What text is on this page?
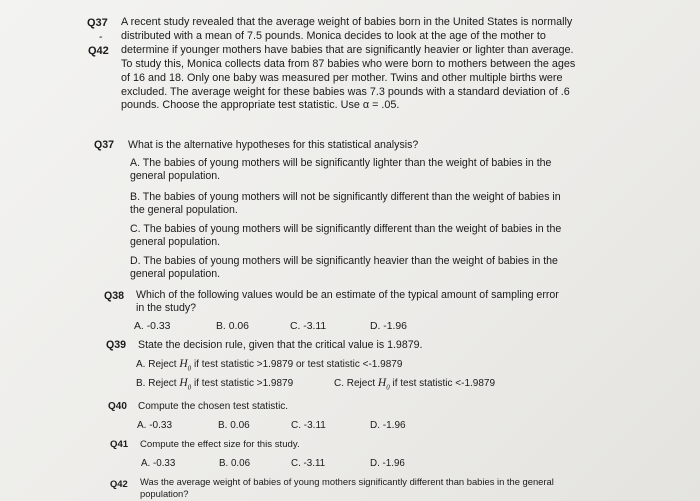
Q37
-
Q42
A recent study revealed that the average weight of babies born in the United States is normally distributed with a mean of 7.5 pounds. Monica decides to look at the age of the mother to determine if younger mothers have babies that are significantly heavier or lighter than average. To study this, Monica collects data from 87 babies who were born to mothers between the ages of 16 and 18. Only one baby was measured per mother. Twins and other multiple births were excluded. The average weight for these babies was 7.3 pounds with a standard deviation of .6 pounds. Choose the appropriate test statistic. Use α = .05.
Q37 What is the alternative hypotheses for this statistical analysis?
A. The babies of young mothers will be significantly lighter than the weight of babies in the general population.
B. The babies of young mothers will not be significantly different than the weight of babies in the general population.
C. The babies of young mothers will be significantly different than the weight of babies in the general population.
D. The babies of young mothers will be significantly heavier than the weight of babies in the general population.
Q38 Which of the following values would be an estimate of the typical amount of sampling error in the study?
A. -0.33	B. 0.06	C. -3.11	D. -1.96
Q39 State the decision rule, given that the critical value is 1.9879.
A. Reject $H_0$ if test statistic >1.9879 or test statistic <-1.9879
B. Reject $H_0$ if test statistic >1.9879	C. Reject $H_0$ if test statistic <-1.9879
Q40 Compute the chosen test statistic.
A. -0.33	B. 0.06	C. -3.11	D. -1.96
Q41 Compute the effect size for this study.
A. -0.33	B. 0.06	C. -3.11	D. -1.96
Q42 Was the average weight of babies of young mothers significantly different than babies in the general population?
